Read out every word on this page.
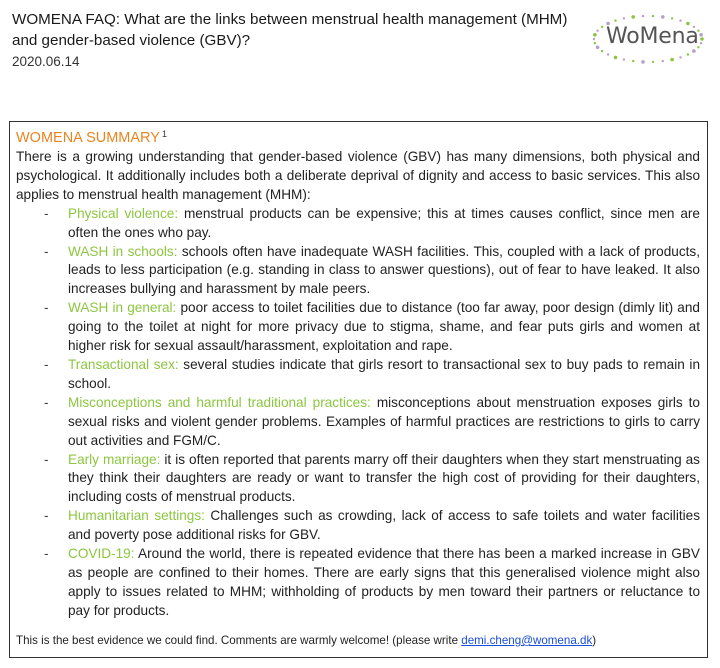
WOMENA FAQ: What are the links between menstrual health management (MHM) and gender-based violence (GBV)?
2020.06.14
WoMena
WOMENA SUMMARY $^1$

There is a growing understanding that gender-based violence (GBV) has many dimensions, both physical and psychological. It additionally includes both a deliberate deprival of dignity and access to basic services. This also applies to menstrual health management (MHM):

- Physical violence: menstrual products can be expensive; this at times causes conflict, since men are often the ones who pay.
- WASH in schools: schools often have inadequate WASH facilities. This, coupled with a lack of products, leads to less participation (e.g. standing in class to answer questions), out of fear to have leaked. It also increases bullying and harassment by male peers.
- WASH in general: poor access to toilet facilities due to distance (too far away, poor design (dimly lit) and going to the toilet at night for more privacy due to stigma, shame, and fear puts girls and women at higher risk for sexual assault/harassment, exploitation and rape.
- Transactional sex: several studies indicate that girls resort to transactional sex to buy pads to remain in school.
- Misconceptions and harmful traditional practices: misconceptions about menstruation exposes girls to sexual risks and violent gender problems. Examples of harmful practices are restrictions to girls to carry out activities and FGM/C.
- Early marriage: it is often reported that parents marry off their daughters when they start menstruating as they think their daughters are ready or want to transfer the high cost of providing for their daughters, including costs of menstrual products.
- Humanitarian settings: Challenges such as crowding, lack of access to safe toilets and water facilities and poverty pose additional risks for GBV.
- COVID-19: Around the world, there is repeated evidence that there has been a marked increase in GBV as people are confined to their homes. There are early signs that this generalised violence might also apply to issues related to MHM; withholding of products by men toward their partners or reluctance to pay for products.
This is the best evidence we could find. Comments are warmly welcome! (please write demi.cheng@womena.dk)
